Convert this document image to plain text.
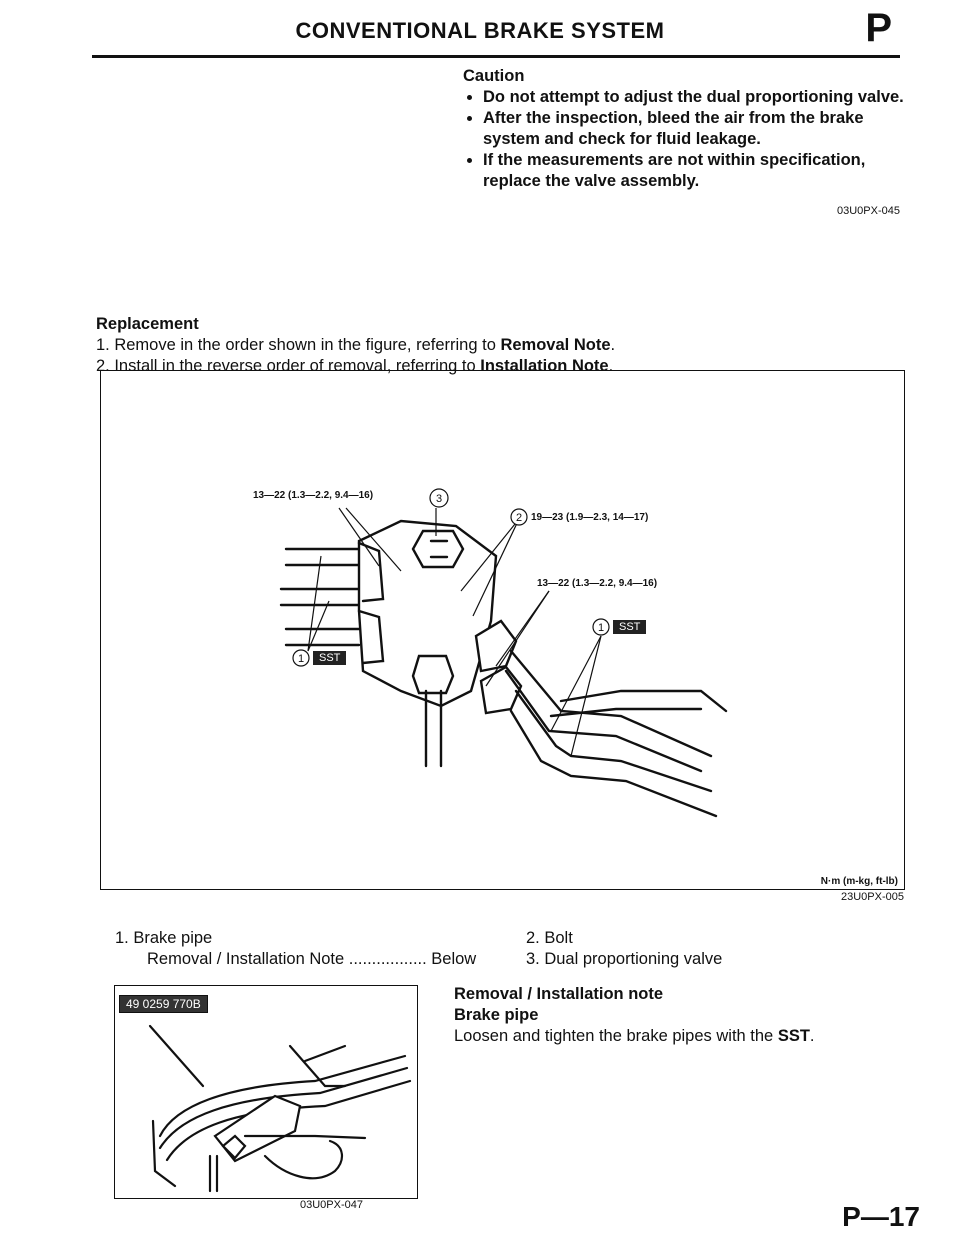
CONVENTIONAL BRAKE SYSTEM	P
Caution
• Do not attempt to adjust the dual proportioning valve.
• After the inspection, bleed the air from the brake system and check for fluid leakage.
• If the measurements are not within specification, replace the valve assembly.
03U0PX-045
Replacement
1. Remove in the order shown in the figure, referring to Removal Note.
2. Install in the reverse order of removal, referring to Installation Note.
3
2
1
1
13—22 (1.3—2.2, 9.4—16)
19—23 (1.9—2.3, 14—17)
13—22 (1.3—2.2, 9.4—16)
SST
SST
N·m (m-kg, ft-lb)
23U0PX-005
1. Brake pipe
Removal / Installation Note ................. Below
2. Bolt
3. Dual proportioning valve
49 0259 770B
03U0PX-047
Removal / Installation note
Brake pipe
Loosen and tighten the brake pipes with the SST.
P—17
